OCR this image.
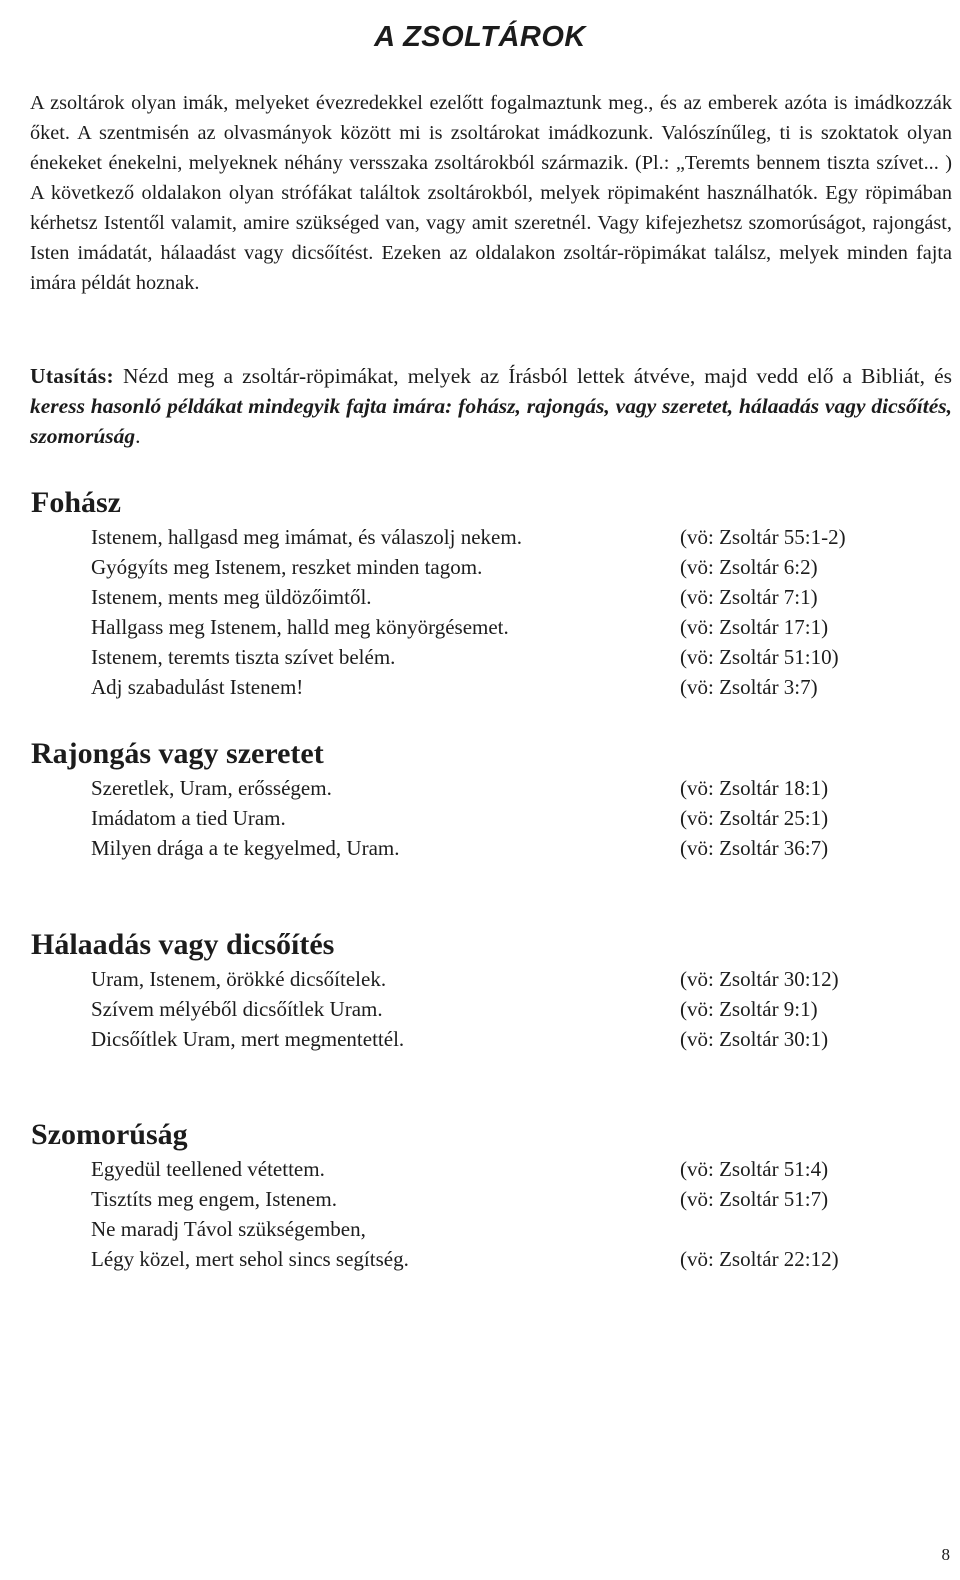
A ZSOLTÁROK

A zsoltárok olyan imák, melyeket évezredekkel ezelőtt fogalmaztunk meg., és az emberek azóta is imádkozzák őket. A szentmisén az olvasmányok között mi is zsoltárokat imádkozunk. Valószínűleg, ti is szoktatok olyan énekeket énekelni, melyeknek néhány versszaka zsoltárokból származik. (Pl.: „Teremts bennem tiszta szívet... ) A következő oldalakon olyan strófákat találtok zsoltárokból, melyek röpimaként használhatók. Egy röpimában kérhetsz Istentől valamit, amire szükséged van, vagy amit szeretnél. Vagy kifejezhetsz szomorúságot, rajongást, Isten imádatát, hálaadást vagy dicsőítést. Ezeken az oldalakon zsoltár-röpimákat találsz, melyek minden fajta imára példát hoznak.

Utasítás: Nézd meg a zsoltár-röpimákat, melyek az Írásból lettek átvéve, majd vedd elő a Bibliát, és keress hasonló példákat mindegyik fajta imára: fohász, rajongás, vagy szeretet, hálaadás vagy dicsőítés, szomorúság.

Fohász
Istenem, hallgasd meg imámat, és válaszolj nekem.	(vö: Zsoltár 55:1-2)
Gyógyíts meg Istenem, reszket minden tagom.	(vö: Zsoltár 6:2)
Istenem, ments meg üldözőimtől.	(vö: Zsoltár 7:1)
Hallgass meg Istenem, halld meg könyörgésemet.	(vö: Zsoltár 17:1)
Istenem, teremts tiszta szívet belém.	(vö: Zsoltár 51:10)
Adj szabadulást Istenem!	(vö: Zsoltár 3:7)
Rajongás vagy szeretet
Szeretlek, Uram, erősségem.	(vö: Zsoltár 18:1)
Imádatom a tied Uram.	(vö: Zsoltár 25:1)
Milyen drága a te kegyelmed, Uram.	(vö: Zsoltár 36:7)
Hálaadás vagy dicsőítés
Uram, Istenem, örökké dicsőítelek.	(vö: Zsoltár 30:12)
Szívem mélyéből dicsőítlek Uram.	(vö: Zsoltár 9:1)
Dicsőítlek Uram, mert megmentettél.	(vö: Zsoltár 30:1)
Szomorúság
Egyedül teellened vétettem.	(vö: Zsoltár 51:4)
Tisztíts meg engem, Istenem.	(vö: Zsoltár 51:7)
Ne maradj Távol szükségemben,
Légy közel, mert sehol sincs segítség.	(vö: Zsoltár 22:12)
8
